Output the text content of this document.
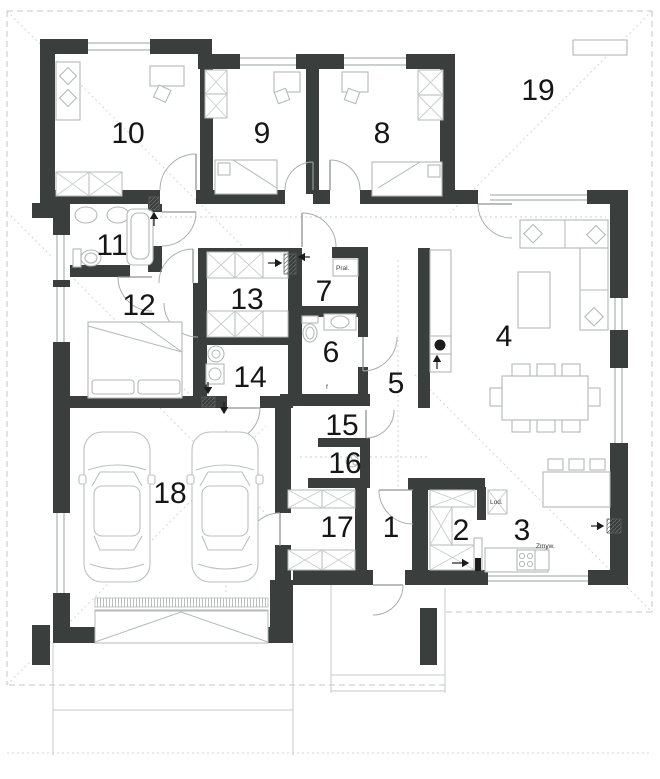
1 2 3
4
5
6
7
8
9
10
11
12 13
14
15
16
17
18
19
Pral.
Lod.
Zmyw.
f
